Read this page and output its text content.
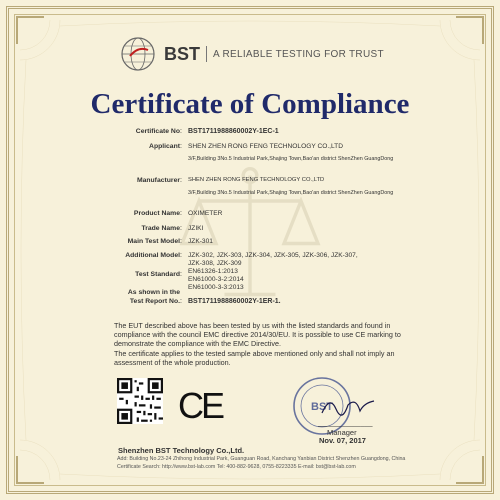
BST A RELIABLE TESTING FOR TRUST
Certificate of Compliance
Certificate No : BST1711988860002Y-1EC-1
Applicant : SHEN ZHEN RONG FENG TECHNOLOGY CO.,LTD
3/F,Building 3No.5 Industrial Park,Shajing Town,Bao'an district ShenZhen GuangDong
Manufacturer : SHEN ZHEN RONG FENG TECHNOLOGY CO.,LTD
3/F,Building 3No.5 Industrial Park,Shajing Town,Bao'an district ShenZhen GuangDong
Product Name : OXIMETER
Trade Name : JZIKI
Main Test Model : JZK-301
Additional Model : JZK-302, JZK-303, JZK-304, JZK-305, JZK-306, JZK-307,
JZK-308, JZK-309
EN61326-1:2013
Test Standard :
EN61000-3-2:2014
EN61000-3-3:2013
As shown in the
Test Report No. : BST1711988860002Y-1ER-1.
The EUT described above has been tested by us with the listed standards and found in compliance with the council EMC directive 2014/30/EU. It is possible to use CE marking to demonstrate the compliance with the EMC Directive.
The certificate applies to the tested sample above mentioned only and shall not imply an assessment of the whole production.
CE	BST
______________
Manager
Nov. 07, 2017
Shenzhen BST Technology Co.,Ltd.
Add: Building No.23-24 Zhihong Industrial Park, Guanguan Road, Kanchang Yanbian District Shenzhen Guangdong, China
Certificate Search: http://www.bst-lab.com Tel: 400-882-9628, 0755-8223335 E-mail: bst@bst-lab.com
